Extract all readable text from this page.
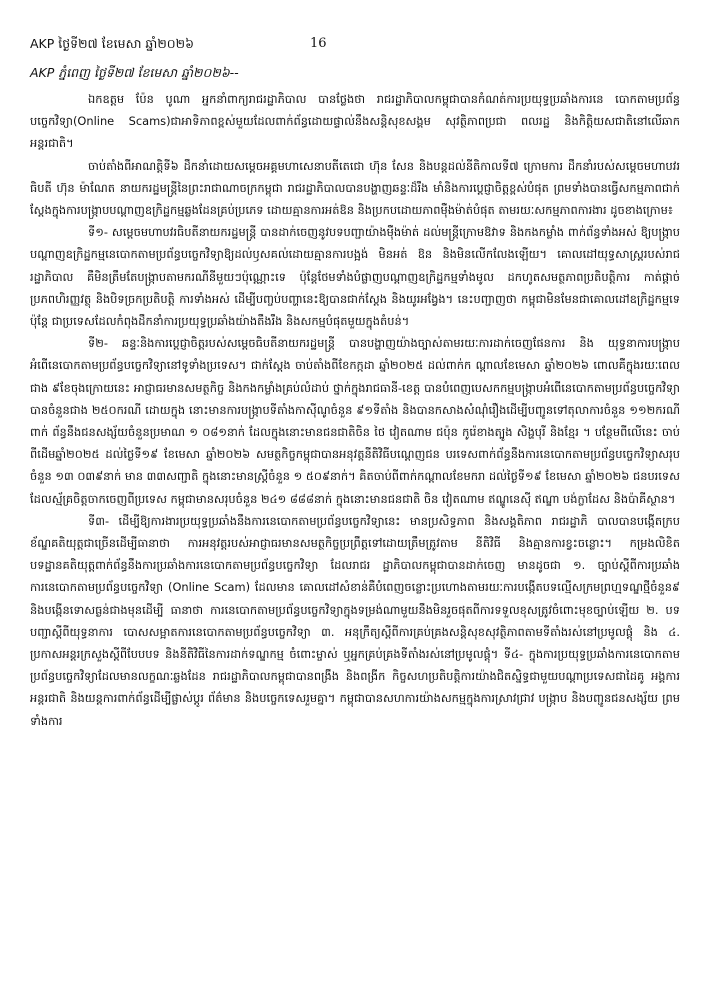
AKP ថ្ងៃទី២៧ ខែមេសា ឆ្នាំ២០២៦	16
AKP ភ្នំពេញ ថ្ងៃទី២៧ ខែមេសា ឆ្នាំ២០២៦--

ឯកឧត្តម ប៉ែន បូណា អ្នកនាំពាក្យរាជរដ្ឋាភិបាល បានថ្លែងថា រាជរដ្ឋាភិបាលកម្ពុជាបានកំណត់ការប្រយុទ្ធប្រឆាំងការនេ បោកតាមប្រព័ន្ធបច្ចេកវិទ្យា(Online Scams)ជាអាទិភាពខ្ពស់មួយដែលពាក់ព័ន្ធដោយផ្ទាល់នឹងសន្តិសុខសង្គម សុវត្ថិភាពប្រជា ពលរដ្ឋ និងកិត្តិយសជាតិនៅលើឆាកអន្តរជាតិ។

ចាប់តាំងពីអាណត្តិទី៦ ដឹកនាំដោយសម្តេចអគ្គមហាសេនាបតីតេជោ ហ៊ុន សែន និងបន្តដល់នីតិកាលទី៧ ក្រោមការ ដឹកនាំរបស់សម្តេចមហាបវរធិបតី ហ៊ុន ម៉ាណែត នាយករដ្ឋមន្ត្រីនៃព្រះរាជាណាចក្រកម្ពុជា រាជរដ្ឋាភិបាលបានបង្ហាញឆន្ទៈដ៏រឹង មាំនិងការប្តេជ្ញាចិត្តខ្ពស់បំផុត ព្រមទាំងបានធ្វើសកម្មភាពជាក់ស្តែងក្នុងការបង្ក្រាបបណ្តាញឧក្រិដ្ឋកម្មឆ្លងដែនគ្រប់ប្រភេទ ដោយគ្មានការអត់ឱន និងប្រកបដោយភាពម៉ឺងម៉ាត់បំផុត តាមរយៈសកម្មភាពការងារ ដូចខាងក្រោម៖

ទី១- សម្តេចមហាបវរធិបតីនាយករដ្ឋមន្ត្រី បានដាក់ចេញនូវបទបញ្ជាយ៉ាងម៉ឺងម៉ាត់ ដល់មន្ត្រីក្រោមឱវាទ និងកងកម្លាំង ពាក់ព័ន្ធទាំងអស់ ឱ្យបង្ក្រាបបណ្តាញឧក្រិដ្ឋកម្មនេបោកតាមប្រព័ន្ធបច្ចេកវិទ្យាឱ្យដល់ឫសគល់ដោយគ្មានការបង្អង់ មិនអត់ ឱន និងមិនលើកលែងឡើយ។ គោលដៅយុទ្ធសាស្ត្ររបស់រាជរដ្ឋាភិបាល គឺមិនត្រឹមតែបង្ក្រាបតាមករណីនីមួយៗប៉ុណ្ណោះទេ ប៉ុន្តែថែមទាំងបំផ្លាញបណ្តាញឧក្រិដ្ឋកម្មទាំងមូល ដកហូតសមត្ថភាពប្រតិបត្តិការ កាត់ផ្តាច់ប្រភពហិរញ្ញវត្ថុ និងបិទច្រកប្រតិបត្តិ ការទាំងអស់ ដើម្បីបញ្ចប់បញ្ហានេះឱ្យបានជាក់ស្តែង និងយូរអង្វែង។ នេះបញ្ជាញថា កម្ពុជាមិនមែនជាគោលដៅឧក្រិដ្ឋកម្មទេ ប៉ុន្តែ ជាប្រទេសដែលកំពុងដឹកនាំការប្រយុទ្ធប្រឆាំងយ៉ាងតឹងរឹង និងសកម្មបំផុតមួយក្នុងតំបន់។

ទី២- ឆន្ទៈនិងការប្តេជ្ញាចិត្តរបស់សម្តេចធិបតីនាយករដ្ឋមន្ត្រី បានបង្ហាញយ៉ាងច្បាស់តាមរយៈការដាក់ចេញផែនការ និង យុទ្ធនាការបង្ក្រាបអំពើនេបោកតាមប្រព័ន្ធបច្ចេកវិទ្យានៅទូទាំងប្រទេស។ ជាក់ស្តែង ចាប់តាំងពីខែកក្កដា ឆ្នាំ២០២៥ ដល់ពាក់ក ណ្តាលខែមេសា ឆ្នាំ២០២៦ ពោលគឺក្នុងរយៈពេលជាង ៩ខែចុងក្រោយនេះ អាជ្ញាធរមានសមត្ថកិច្ច និងកងកម្លាំងគ្រប់លំដាប់ ថ្នាក់ក្នុងរាជធានី-ខេត្ត បានបំពេញបេសកកម្មបង្ក្រាបអំពើនេបោកតាមប្រព័ន្ធបច្ចេកវិទ្យាបានចំនួនជាង ២៥០ករណី ដោយក្នុង នោះមានការបង្ក្រាបទីតាំងកាស៊ីណូចំនួន ៩១ទីតាំង និងបានកសាងសំណុំរឿងដើម្បីបញ្ជូនទៅតុលាការចំនួន ១១២ករណី ពាក់ ព័ន្ធនឹងជនសង្ស័យចំនួនប្រមាណ ១ ០៨១នាក់ ដែលក្នុងនោះមានជនជាតិចិន ថៃ វៀតណាម ជប៉ុន កូរ៉េខាងត្បូង សិង្ហបុរី និងខ្មែរ ។ បន្ថែមពីលើនេះ ចាប់ពីដើមឆ្នាំ២០២៥ ដល់ថ្ងៃទី១៩ ខែមេសា ឆ្នាំ២០២៦ សមត្ថកិច្ចកម្ពុជាបានអនុវត្តនីតិវិធីបណ្តេញជន បរទេសពាក់ព័ន្ធនឹងការនេបោកតាមប្រព័ន្ធបច្ចេកវិទ្យាសរុបចំនួន ១៣ ០៣៩នាក់ មាន ៣៣សញ្ជាតិ ក្នុងនោះមានស្ត្រីចំនួន ១ ៥០៩នាក់។ គិតចាប់ពីពាក់កណ្តាលខែមករា ដល់ថ្ងៃទី១៩ ខែមេសា ឆ្នាំ២០២៦ ជនបរទេសដែលស្ម័គ្រចិត្តចាកចេញពីប្រទេស កម្ពុជាមានសរុបចំនួន ២៤១ ៨៨៨នាក់ ក្នុងនោះមានជនជាតិ ចិន វៀតណាម ឥណ្ឌូនេស៊ី ឥណ្ឌា បង់ក្លាដែស និងប៉ាគីស្ថាន។

ទី៣- ដើម្បីឱ្យការងារប្រយុទ្ធប្រឆាំងនឹងការនេបោកតាមប្រព័ន្ធបច្ចេកវិទ្យានេះ មានប្រសិទ្ធភាព និងសង្គតិភាព រាជរដ្ឋាភិ បាលបានបង្កើតក្របខ័ណ្ឌគតិយុត្តជាច្រើនដើម្បីធានាថា ការអនុវត្តរបស់អាជ្ញាធរមានសមត្ថកិច្ចប្រព្រឹត្តទៅដោយត្រឹមត្រូវតាម នីតិវិធី និងគ្មានការខ្វះចន្លោះ។ កម្រងលិខិតបទដ្ឋានគតិយុត្តពាក់ព័ន្ធនឹងការប្រឆាំងការនេបោកតាមប្រព័ន្ធបច្ចេកវិទ្យា ដែលរាជរ ដ្ឋាភិបាលកម្ពុជាបានដាក់ចេញ មានដូចជា ១. ច្បាប់ស្តីពីការប្រឆាំងការនេបោកតាមប្រព័ន្ធបច្ចេកវិទ្យា (Online Scam) ដែលមាន គោលដៅសំខាន់គឺបំពេញចន្លោះប្រហោងតាមរយៈការបង្កើតបទល្មើសក្រមព្រហ្មទណ្ឌថ្មីចំនួន៩ និងបង្កើនទោសធ្ងន់ជាងមុនដើម្បី ធានាថា ការនេបោកតាមប្រព័ន្ធបច្ចេកវិទ្យាក្នុងទម្រង់ណាមួយនឹងមិនរួចផុតពីការទទួលខុសត្រូវចំពោះមុខច្បាប់ឡើយ ២. បទបញ្ជាស្តីពីយុទ្ធនាការ បោសសម្អាតការនេបោកតាមប្រព័ន្ធបច្ចេកវិទ្យា ៣. អនុក្រឹត្យស្តីពីការគ្រប់គ្រងសន្តិសុខសុវត្ថិភាពតាមទីតាំងរស់នៅប្រមូលផ្តុំ និង ៤. ប្រកាសអន្តរក្រសួងស្តីពីបែបបទ និងនីតិវិធីនៃការដាក់ទណ្ឌកម្ម ចំពោះម្ចាស់ ឬអ្នកគ្រប់គ្រងទីតាំងរស់នៅប្រមូលផ្តុំ។ ទី៤- ក្នុងការប្រយុទ្ធប្រឆាំងការនេបោកតាមប្រព័ន្ធបច្ចេកវិទ្យាដែលមានលក្ខណៈឆ្លងដែន រាជរដ្ឋាភិបាលកម្ពុជាបានពង្រឹង និងពង្រីក កិច្ចសហប្រតិបត្តិការយ៉ាងជិតស្និទ្ធជាមួយបណ្តាប្រទេសជាដៃគូ អង្គការអន្តរជាតិ និងយន្តការពាក់ព័ន្ធដើម្បីផ្លាស់ប្តូរ ព័ត៌មាន និងបច្ចេកទេសរួមគ្នា។ កម្ពុជាបានសហការយ៉ាងសកម្មក្នុងការស្រាវជ្រាវ បង្ក្រាប និងបញ្ជូនជនសង្ស័យ ព្រមទាំងការ
